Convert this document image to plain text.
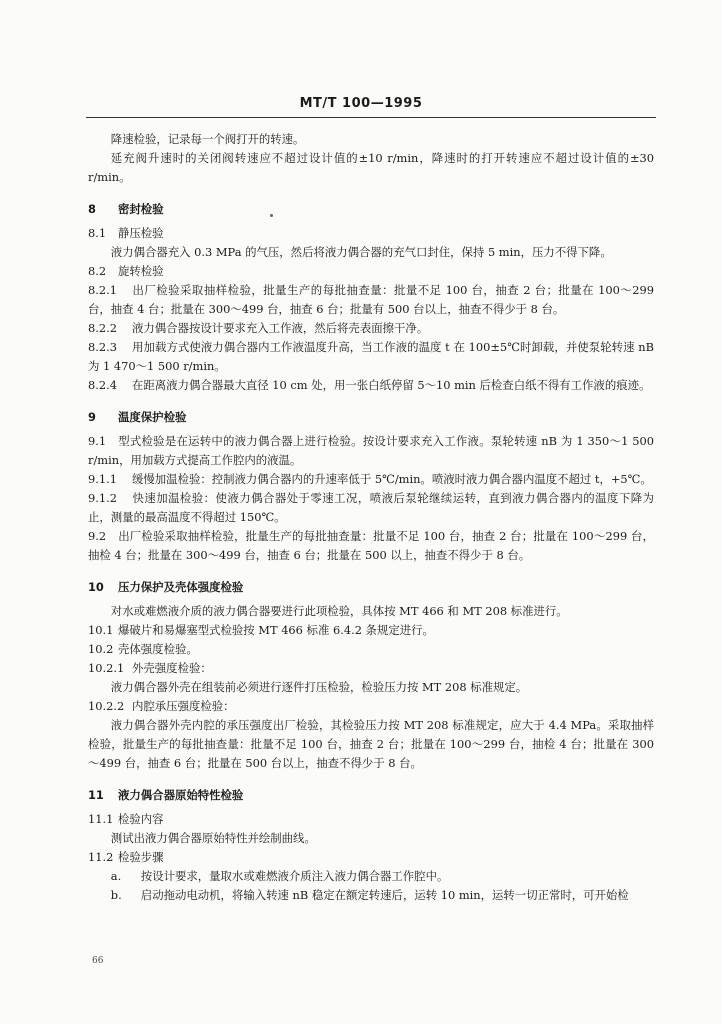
MT/T 100—1995

降速检验，记录每一个阀打开的转速。

延充阀升速时的关闭阀转速应不超过设计值的±10 r/min，降速时的打开转速应不超过设计值的±30 r/min。

8 密封检验

8.1 静压检验

液力偶合器充入 0.3 MPa 的气压，然后将液力偶合器的充气口封住，保持 5 min，压力不得下降。

8.2 旋转检验

8.2.1 出厂检验采取抽样检验，批量生产的每批抽查量：批量不足 100 台，抽查 2 台；批量在 100～299 台，抽查 4 台；批量在 300～499 台，抽查 6 台；批量有 500 台以上，抽查不得少于 8 台。

8.2.2 液力偶合器按设计要求充入工作液，然后将壳表面擦干净。

8.2.3 用加载方式使液力偶合器内工作液温度升高，当工作液的温度 t 在 100±5℃时卸载，并使泵轮转速 nB 为 1 470～1 500 r/min。

8.2.4 在距离液力偶合器最大直径 10 cm 处，用一张白纸停留 5～10 min 后检查白纸不得有工作液的痕迹。

9 温度保护检验

9.1 型式检验是在运转中的液力偶合器上进行检验。按设计要求充入工作液。泵轮转速 nB 为 1 350～1 500 r/min，用加载方式提高工作腔内的液温。

9.1.1 缓慢加温检验：控制液力偶合器内的升速率低于 5℃/min。喷液时液力偶合器内温度不超过 t，+5℃。

9.1.2 快速加温检验：使液力偶合器处于零速工况，喷液后泵轮继续运转，直到液力偶合器内的温度下降为止，测量的最高温度不得超过 150℃。

9.2 出厂检验采取抽样检验，批量生产的每批抽查量：批量不足 100 台，抽查 2 台；批量在 100～299 台，抽检 4 台；批量在 300～499 台，抽查 6 台；批量在 500 以上，抽查不得少于 8 台。

10 压力保护及壳体强度检验

对水或难燃液介质的液力偶合器要进行此项检验，具体按 MT 466 和 MT 208 标准进行。

10.1 爆破片和易爆塞型式检验按 MT 466 标准 6.4.2 条规定进行。

10.2 壳体强度检验。

10.2.1 外壳强度检验：

液力偶合器外壳在组装前必须进行逐件打压检验，检验压力按 MT 208 标准规定。

10.2.2 内腔承压强度检验：

液力偶合器外壳内腔的承压强度出厂检验，其检验压力按 MT 208 标准规定，应大于 4.4 MPa。采取抽样检验，批量生产的每批抽查量：批量不足 100 台，抽查 2 台；批量在 100～299 台，抽检 4 台；批量在 300～499 台，抽查 6 台；批量在 500 台以上，抽查不得少于 8 台。

11 液力偶合器原始特性检验

11.1 检验内容

测试出液力偶合器原始特性并绘制曲线。

11.2 检验步骤

a. 按设计要求，量取水或难燃液介质注入液力偶合器工作腔中。

b. 启动拖动电动机，将输入转速 nB 稳定在额定转速后，运转 10 min，运转一切正常时，可开始检

66
